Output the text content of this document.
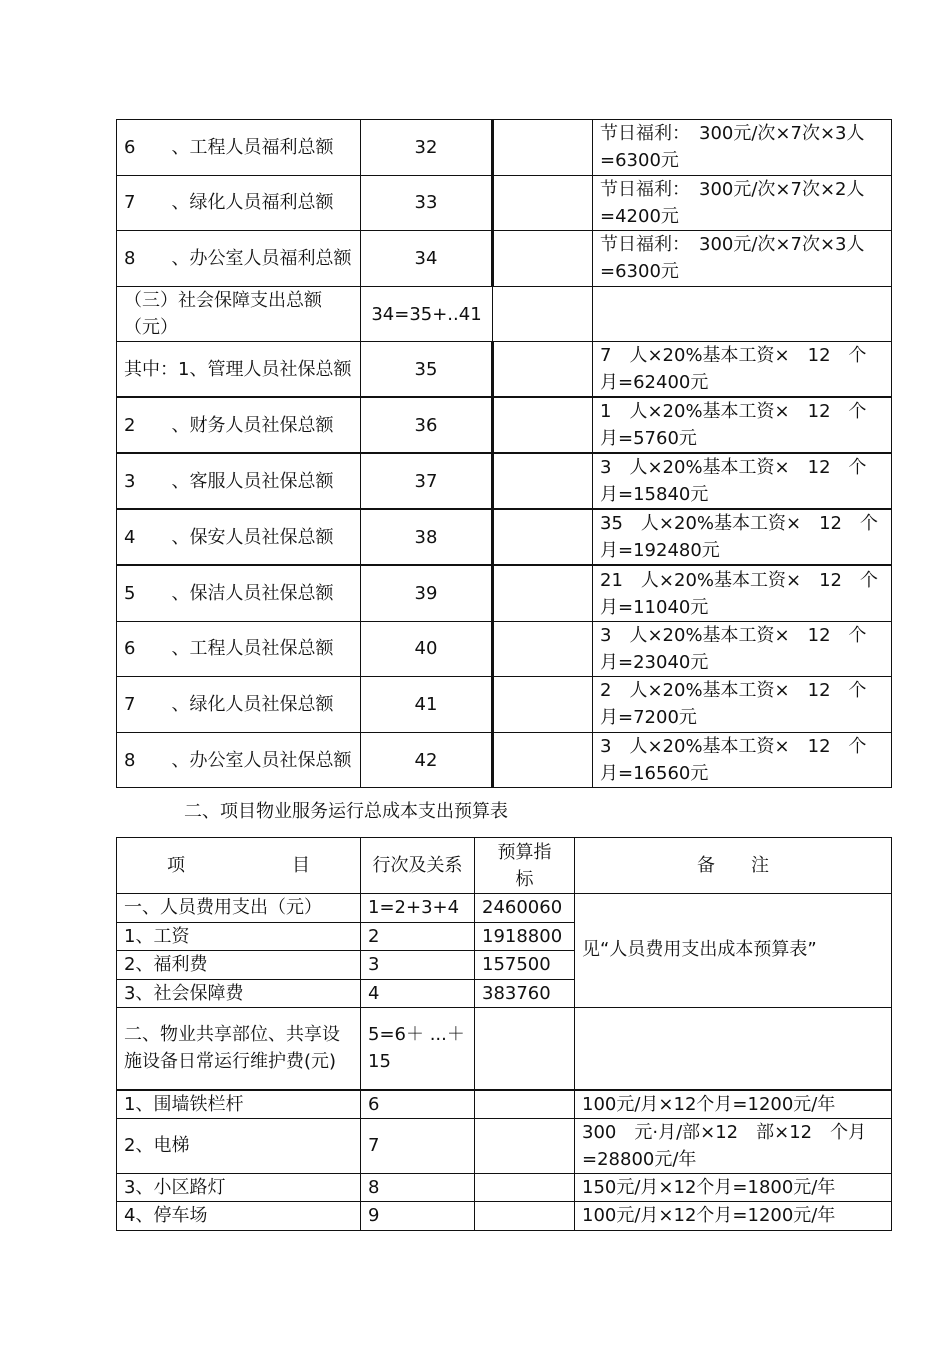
6　　、工程人员福利总额	32		节日福利：　300元/次×7次×3人=6300元
7　　、绿化人员福利总额	33		节日福利：　300元/次×7次×2人=4200元
8　　、办公室人员福利总额	34		节日福利：　300元/次×7次×3人=6300元
（三）社会保障支出总额（元）	34=35+..41		
其中：1、管理人员社保总额	35		7　人×20%基本工资×　12　个月=62400元
2　　、财务人员社保总额	36		1　人×20%基本工资×　12　个月=5760元
3　　、客服人员社保总额	37		3　人×20%基本工资×　12　个月=15840元
4　　、保安人员社保总额	38		35　人×20%基本工资×　12　个月=192480元
5　　、保洁人员社保总额	39		21　人×20%基本工资×　12　个月=11040元
6　　、工程人员社保总额	40		3　人×20%基本工资×　12　个月=23040元
7　　、绿化人员社保总额	41		2　人×20%基本工资×　12　个月=7200元
8　　、办公室人员社保总额	42		3　人×20%基本工资×　12　个月=16560元
二、项目物业服务运行总成本支出预算表
项 目	行次及关系	预算指标	备　　注
一、人员费用支出（元）	1=2+3+4	2460060	见“人员费用支出成本预算表”
1、工资	2	1918800	
2、福利费	3	157500	
3、社会保障费	4	383760	
二、物业共享部位、共享设施设备日常运行维护费(元)	5=6＋ ...＋15		
1、围墙铁栏杆	6		100元/月×12个月=1200元/年
2、电梯	7		300　元·月/部×12　部×12　个月=28800元/年
3、小区路灯	8		150元/月×12个月=1800元/年
4、停车场	9		100元/月×12个月=1200元/年
